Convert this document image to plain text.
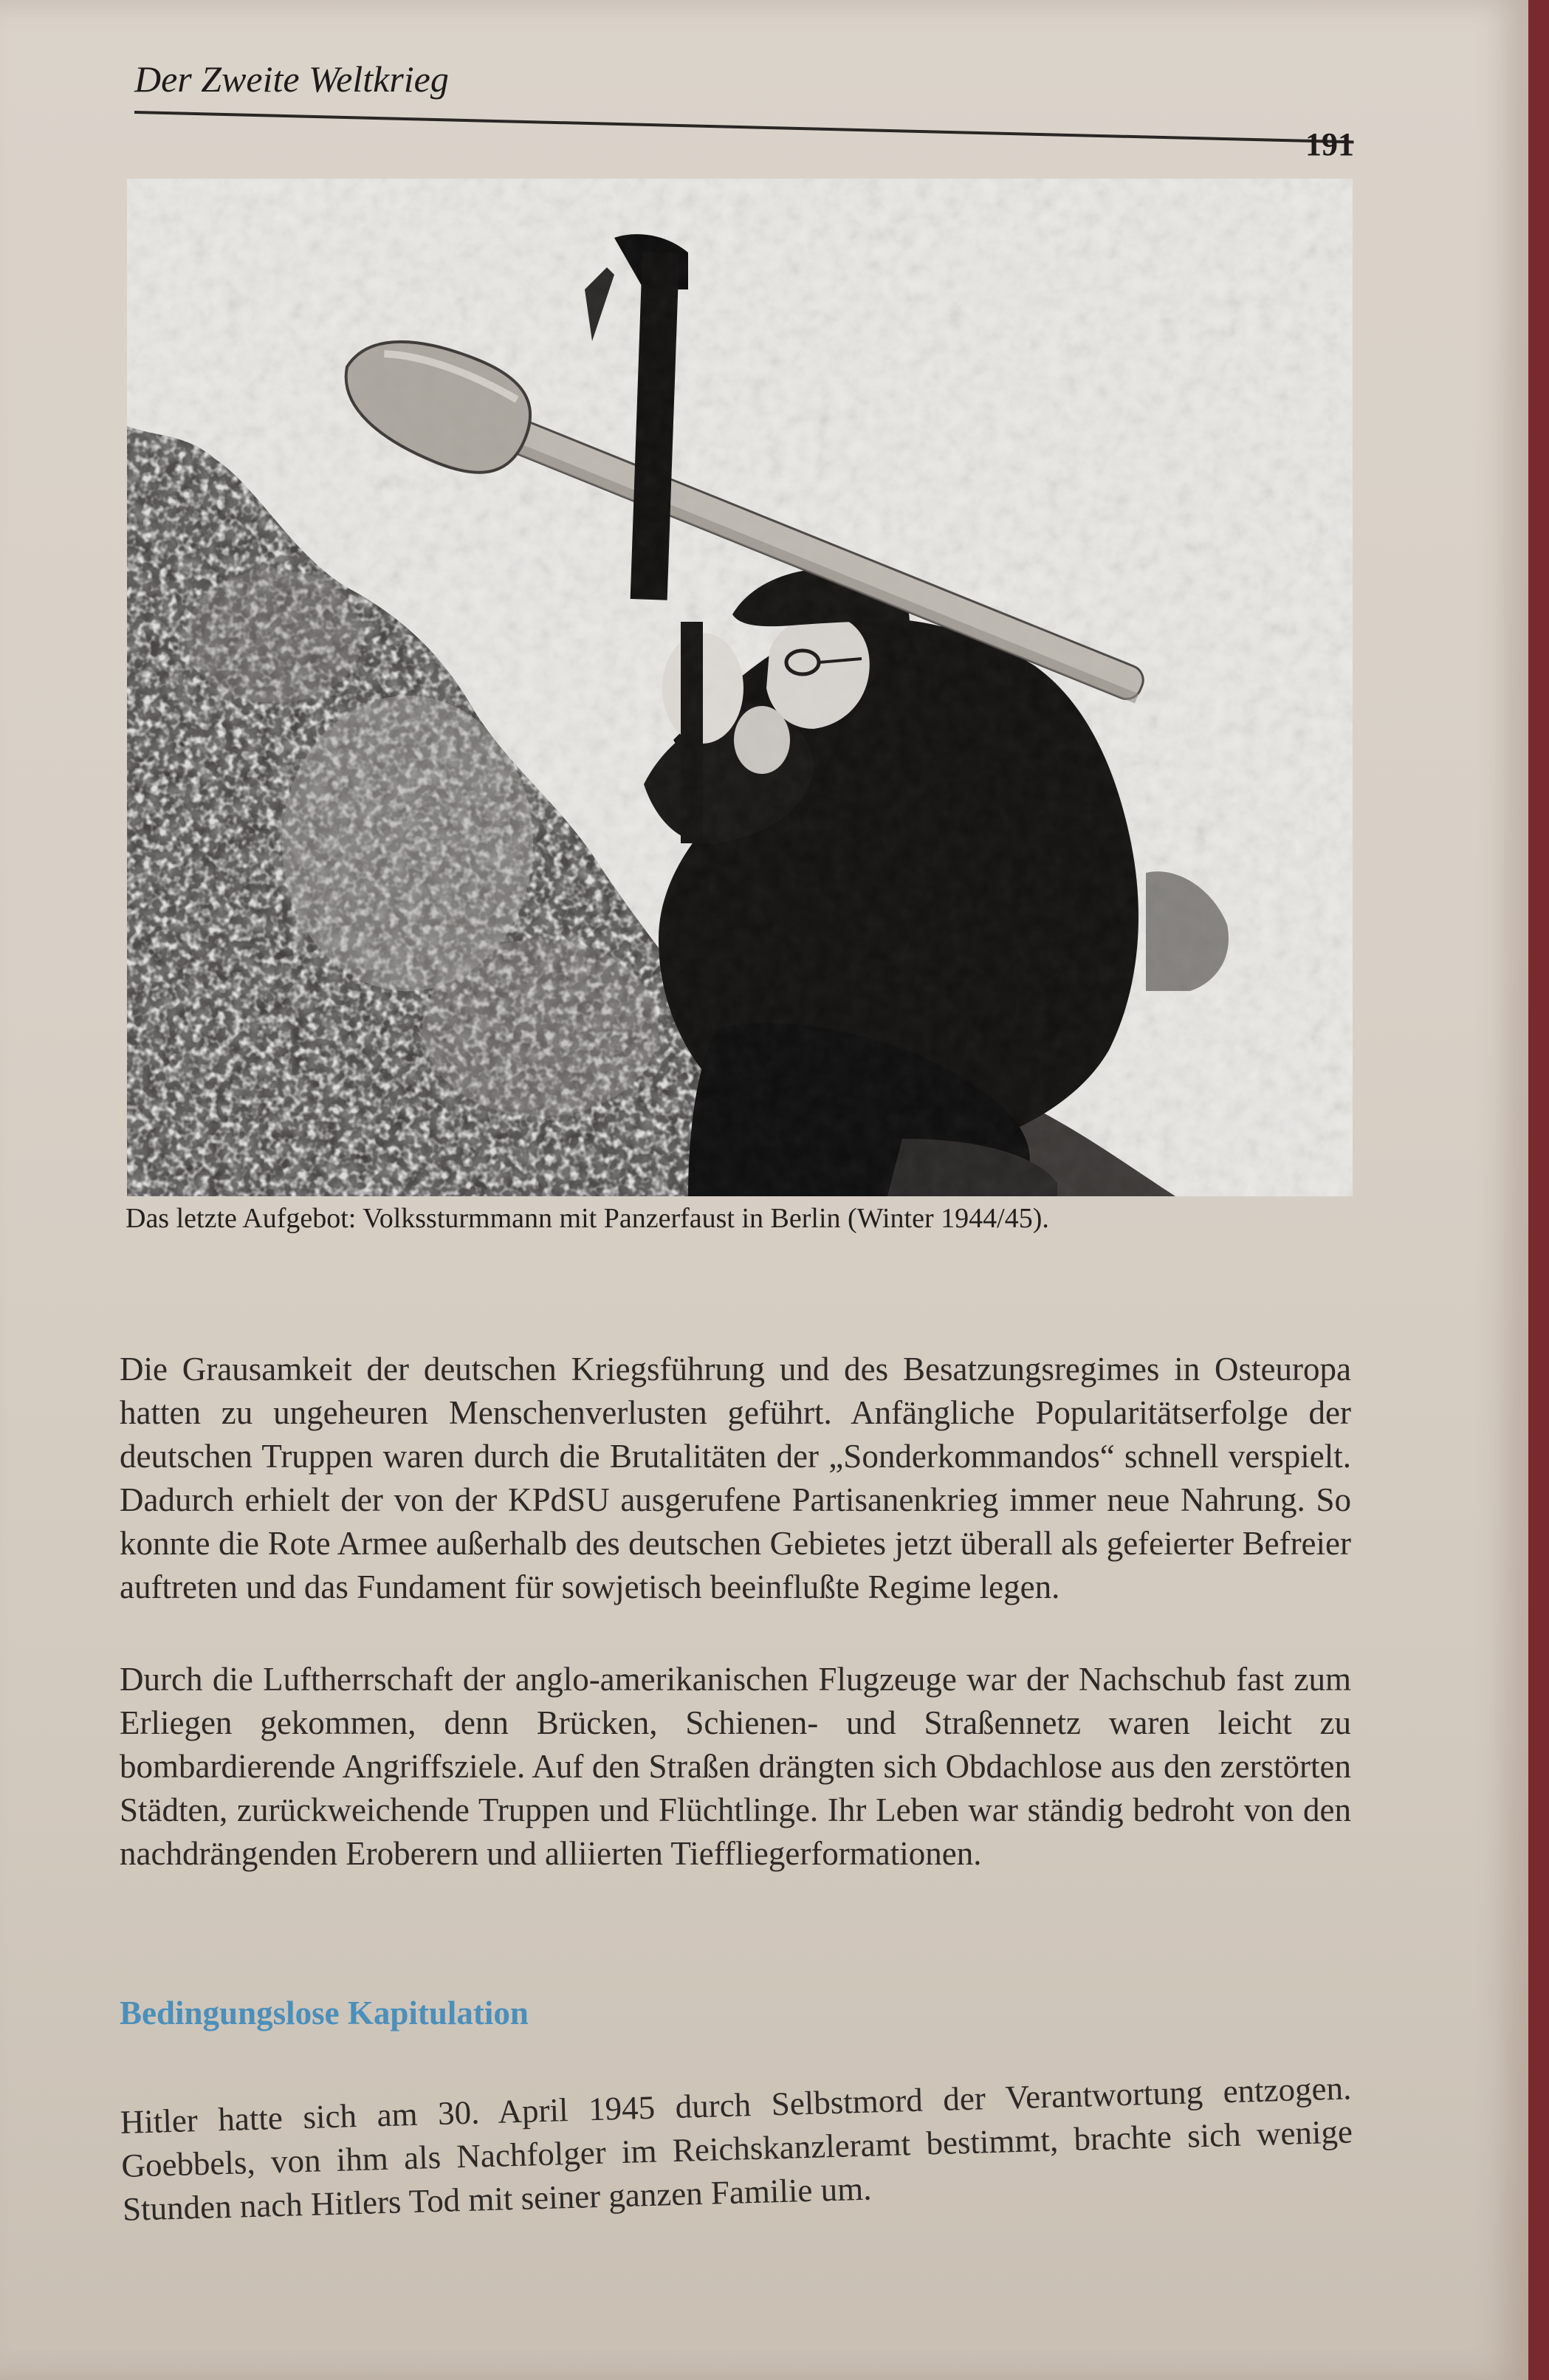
Der Zweite Weltkrieg
191
Das letzte Aufgebot: Volkssturmmann mit Panzerfaust in Berlin (Winter 1944/45).

Die Grausamkeit der deutschen Kriegsführung und des Besatzungsregimes in Osteuropa hatten zu ungeheuren Menschenverlusten geführt. Anfängliche Popularitätserfolge der deutschen Truppen waren durch die Brutalitäten der „Sonderkommandos“ schnell verspielt. Dadurch erhielt der von der KPdSU ausgerufene Partisanenkrieg immer neue Nahrung. So konnte die Rote Armee außerhalb des deutschen Gebietes jetzt überall als gefeierter Befreier auftreten und das Fundament für sowjetisch beeinflußte Regime legen.

Durch die Luftherrschaft der anglo-amerikanischen Flugzeuge war der Nachschub fast zum Erliegen gekommen, denn Brücken, Schienen- und Straßennetz waren leicht zu bombardierende Angriffsziele. Auf den Straßen drängten sich Obdachlose aus den zerstörten Städten, zurückweichende Truppen und Flüchtlinge. Ihr Leben war ständig bedroht von den nachdrängenden Eroberern und alliierten Tieffliegerformationen.

Bedingungslose Kapitulation

Hitler hatte sich am 30. April 1945 durch Selbstmord der Verantwortung entzogen. Goebbels, von ihm als Nachfolger im Reichskanzleramt bestimmt, brachte sich wenige Stunden nach Hitlers Tod mit seiner ganzen Familie um.
